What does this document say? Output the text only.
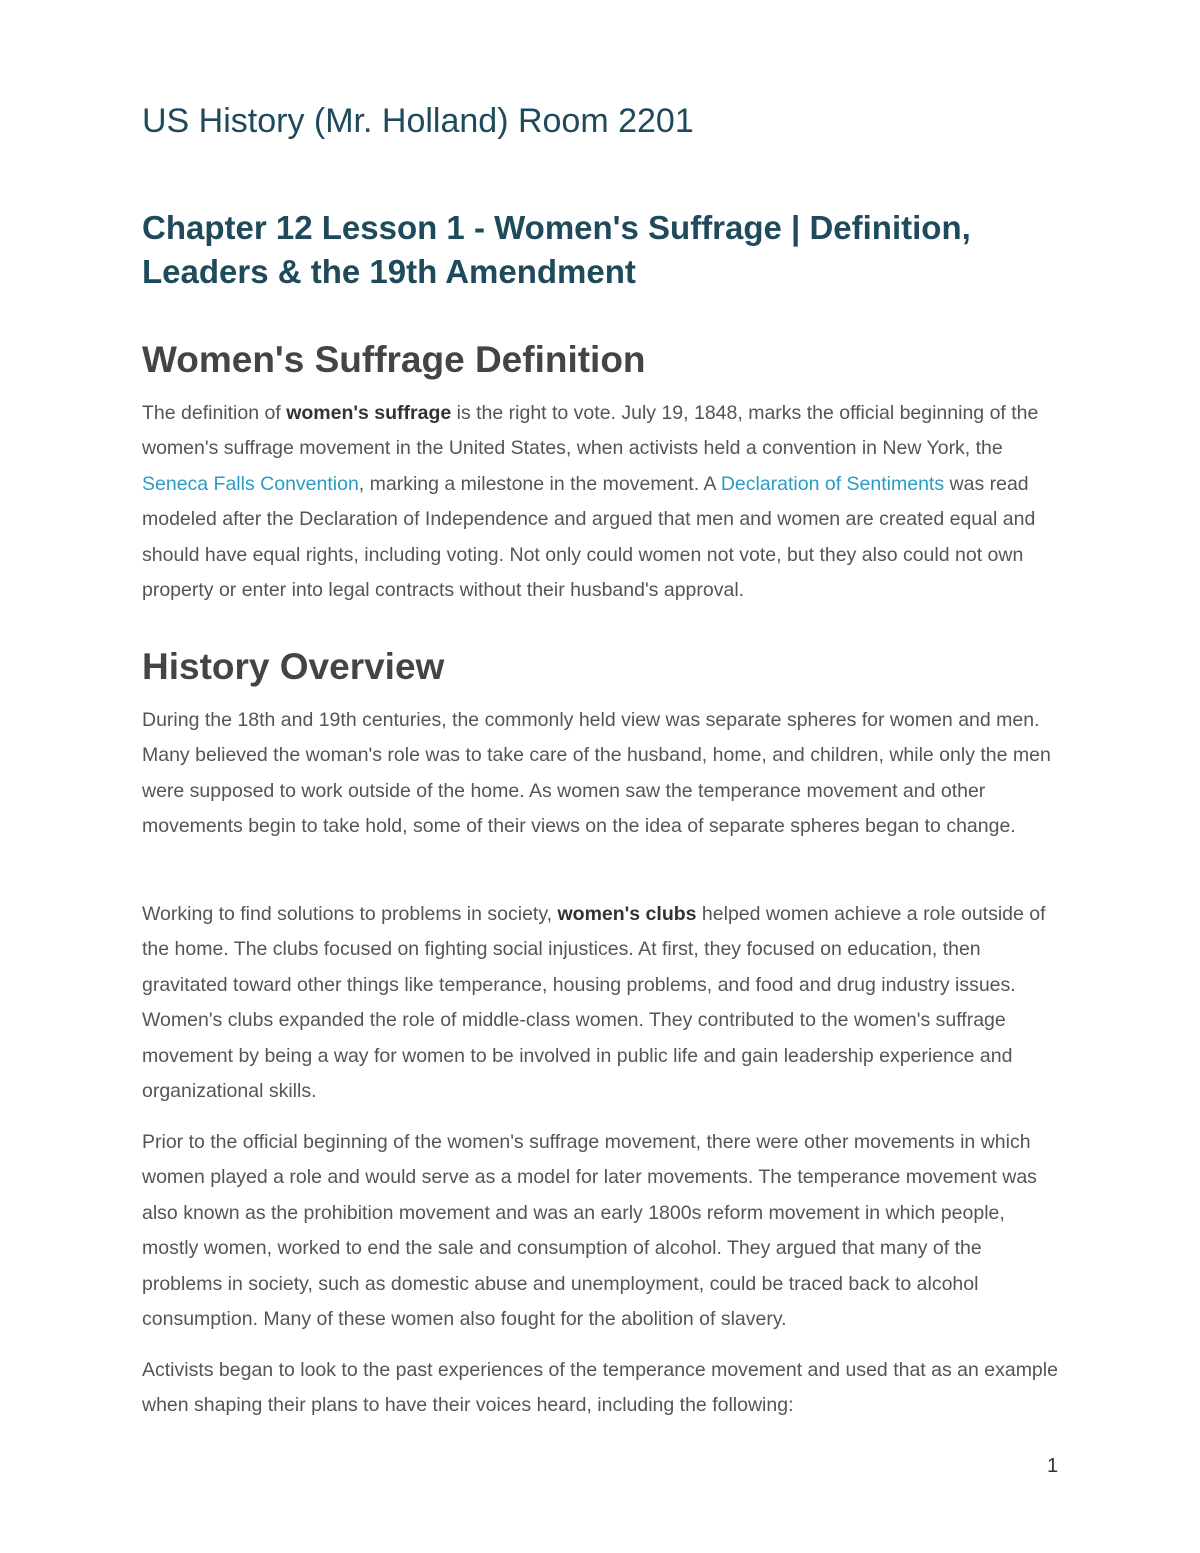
US History (Mr. Holland) Room 2201
Chapter 12 Lesson 1 - Women's Suffrage | Definition, Leaders & the 19th Amendment
Women's Suffrage Definition

The definition of women's suffrage is the right to vote. July 19, 1848, marks the official beginning of the women's suffrage movement in the United States, when activists held a convention in New York, the Seneca Falls Convention, marking a milestone in the movement. A Declaration of Sentiments was read modeled after the Declaration of Independence and argued that men and women are created equal and should have equal rights, including voting. Not only could women not vote, but they also could not own property or enter into legal contracts without their husband's approval.

History Overview

During the 18th and 19th centuries, the commonly held view was separate spheres for women and men. Many believed the woman's role was to take care of the husband, home, and children, while only the men were supposed to work outside of the home. As women saw the temperance movement and other movements begin to take hold, some of their views on the idea of separate spheres began to change.

Working to find solutions to problems in society, women's clubs helped women achieve a role outside of the home. The clubs focused on fighting social injustices. At first, they focused on education, then gravitated toward other things like temperance, housing problems, and food and drug industry issues. Women's clubs expanded the role of middle-class women. They contributed to the women's suffrage movement by being a way for women to be involved in public life and gain leadership experience and organizational skills.

Prior to the official beginning of the women's suffrage movement, there were other movements in which women played a role and would serve as a model for later movements. The temperance movement was also known as the prohibition movement and was an early 1800s reform movement in which people, mostly women, worked to end the sale and consumption of alcohol. They argued that many of the problems in society, such as domestic abuse and unemployment, could be traced back to alcohol consumption. Many of these women also fought for the abolition of slavery.

Activists began to look to the past experiences of the temperance movement and used that as an example when shaping their plans to have their voices heard, including the following:

1
